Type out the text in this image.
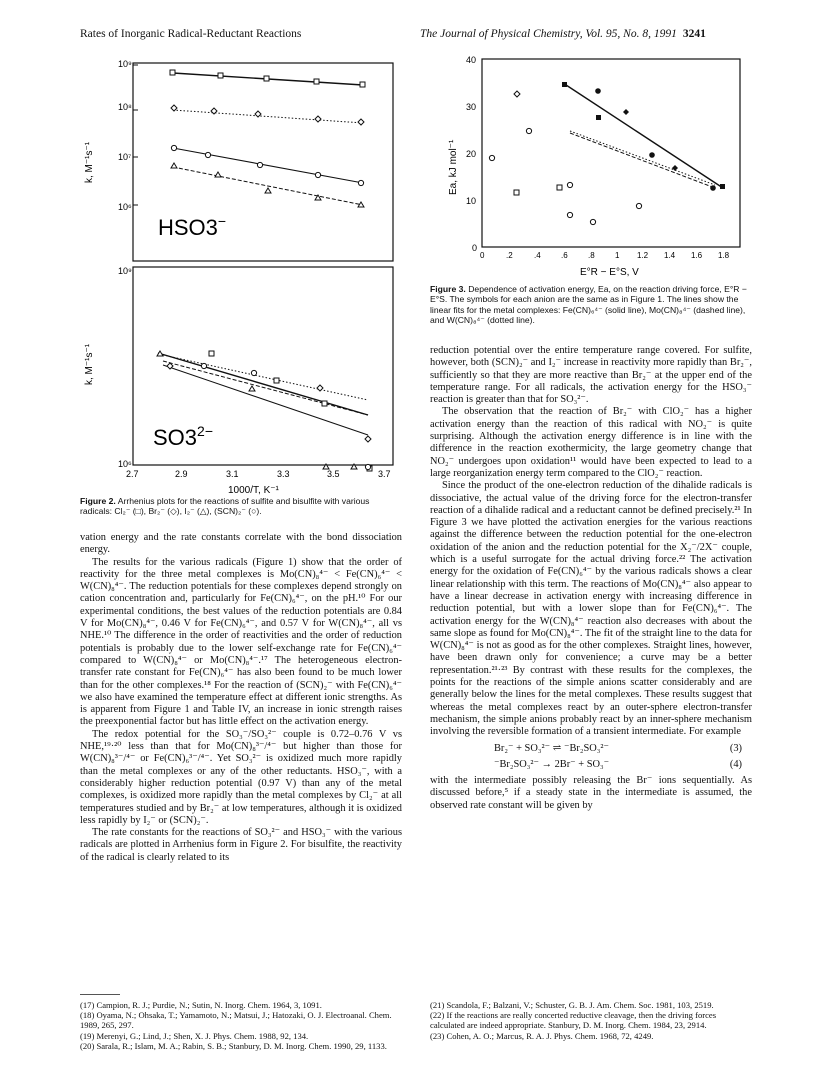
Rates of Inorganic Radical-Reductant Reactions	The Journal of Physical Chemistry, Vol. 95, No. 8, 1991 3241
10⁹
10⁸
10⁷
10⁶
HSO3−
10⁹
10⁶
k, M⁻¹s⁻¹
k, M⁻¹s⁻¹
$SO3^{2-}$
2.7	2.9	3.1	3.3	3.5	3.7
1000/T, K⁻¹
Figure 2. Arrhenius plots for the reactions of sulfite and bisulfite with various radicals: Cl₂⁻ (□), Br₂⁻ (◇), I₂⁻ (△), (SCN)₂⁻ (○).
40
30
20
10
0
Ea, kJ mol⁻¹
0	.2	.4	.6	.8	1 1.2 1.4 1.6 1.8
E°R − E°S, V
Figure 3. Dependence of activation energy, Ea, on the reaction driving force, E°R − E°S. The symbols for each anion are the same as in Figure 1. The lines show the linear fits for the metal complexes: Fe(CN)₆⁴⁻ (solid line), Mo(CN)₈⁴⁻ (dashed line), and W(CN)₈⁴⁻ (dotted line).

vation energy and the rate constants correlate with the bond dissociation energy.

The results for the various radicals (Figure 1) show that the order of reactivity for the three metal complexes is Mo(CN)₈⁴⁻ < Fe(CN)₆⁴⁻ < W(CN)₈⁴⁻. The reduction potentials for these complexes depend strongly on cation concentration and, particularly for Fe(CN)₆⁴⁻, on the pH.¹⁰ For our experimental conditions, the best values of the reduction potentials are 0.84 V for Mo(CN)₈⁴⁻, 0.46 V for Fe(CN)₆⁴⁻, and 0.57 V for W(CN)₈⁴⁻, all vs NHE.¹⁰ The difference in the order of reactivities and the order of reduction potentials is probably due to the lower self-exchange rate for Fe(CN)₆⁴⁻ compared to W(CN)₈⁴⁻ or Mo(CN)₈⁴⁻.¹⁷ The heterogeneous electron-transfer rate constant for Fe(CN)₆⁴⁻ has also been found to be much lower than for the other complexes.¹⁸ For the reaction of (SCN)₂⁻ with Fe(CN)₆⁴⁻ we also have examined the temperature effect at different ionic strengths. As is apparent from Figure 1 and Table IV, an increase in ionic strength raises the preexponential factor but has little effect on the activation energy.

The redox potential for the SO₃⁻/SO₃²⁻ couple is 0.72–0.76 V vs NHE,¹⁹·²⁰ less than that for Mo(CN)₈³⁻/⁴⁻ but higher than those for W(CN)₈³⁻/⁴⁻ or Fe(CN)₆³⁻/⁴⁻. Yet SO₃²⁻ is oxidized much more rapidly than the metal complexes or any of the other reductants. HSO₃⁻, with a considerably higher reduction potential (0.97 V) than any of the metal complexes, is oxidized more rapidly than the metal complexes by Cl₂⁻ at all temperatures studied and by Br₂⁻ at low temperatures, although it is oxidized less rapidly by I₂⁻ or (SCN)₂⁻.

The rate constants for the reactions of SO₃²⁻ and HSO₃⁻ with the various radicals are plotted in Arrhenius form in Figure 2. For bisulfite, the reactivity of the radical is clearly related to its

reduction potential over the entire temperature range covered. For sulfite, however, both (SCN)₂⁻ and I₂⁻ increase in reactivity more rapidly than Br₂⁻, sufficiently so that they are more reactive than Br₂⁻ at the upper end of the temperature range. For all radicals, the activation energy for the HSO₃⁻ reaction is greater than that for SO₃²⁻.

The observation that the reaction of Br₂⁻ with ClO₂⁻ has a higher activation energy than the reaction of this radical with NO₂⁻ is quite surprising. Although the activation energy difference is in line with the difference in the reaction exothermicity, the large geometry change that NO₂⁻ undergoes upon oxidation¹¹ would have been expected to lead to a large reorganization energy term compared to the ClO₂⁻ reaction.

Since the product of the one-electron reduction of the dihalide radicals is dissociative, the actual value of the driving force for the electron-transfer reaction of a dihalide radical and a reductant cannot be defined precisely.²¹ In Figure 3 we have plotted the activation energies for the various reactions against the difference between the reduction potential for the one-electron oxidation of the anion and the reduction potential for the X₂⁻/2X⁻ couple, which is a useful surrogate for the actual driving force.²² The activation energy for the oxidation of Fe(CN)₆⁴⁻ by the various radicals shows a clear linear relationship with this term. The reactions of Mo(CN)₈⁴⁻ also appear to have a linear decrease in activation energy with increasing difference in reduction potential, but with a lower slope than for Fe(CN)₆⁴⁻. The activation energy for the W(CN)₈⁴⁻ reaction also decreases with about the same slope as found for Mo(CN)₈⁴⁻. The fit of the straight line to the data for W(CN)₈⁴⁻ is not as good as for the other complexes. Straight lines, however, have been drawn only for convenience; a curve may be a better representation.²¹·²³ By contrast with these results for the complexes, the points for the reactions of the simple anions scatter considerably and are generally below the lines for the metal complexes. These results suggest that whereas the metal complexes react by an outer-sphere electron-transfer mechanism, the simple anions probably react by an inner-sphere mechanism involving the reversible formation of a transient intermediate. For example

Br₂⁻ + SO₃²⁻ ⇌ ⁻Br₂SO₃²⁻	(3)
⁻Br₂SO₃²⁻ → 2Br⁻ + SO₃⁻	(4)

with the intermediate possibly releasing the Br⁻ ions sequentially. As discussed before,⁵ if a steady state in the intermediate is assumed, the observed rate constant will be given by

(17) Campion, R. J.; Purdie, N.; Sutin, N. Inorg. Chem. 1964, 3, 1091.
(18) Oyama, N.; Ohsaka, T.; Yamamoto, N.; Matsui, J.; Hatozaki, O. J. Electroanal. Chem. 1989, 265, 297.
(19) Merenyi, G.; Lind, J.; Shen, X. J. Phys. Chem. 1988, 92, 134.
(20) Sarala, R.; Islam, M. A.; Rabin, S. B.; Stanbury, D. M. Inorg. Chem. 1990, 29, 1133.
(21) Scandola, F.; Balzani, V.; Schuster, G. B. J. Am. Chem. Soc. 1981, 103, 2519.
(22) If the reactions are really concerted reductive cleavage, then the driving forces calculated are indeed appropriate. Stanbury, D. M. Inorg. Chem. 1984, 23, 2914.
(23) Cohen, A. O.; Marcus, R. A. J. Phys. Chem. 1968, 72, 4249.
